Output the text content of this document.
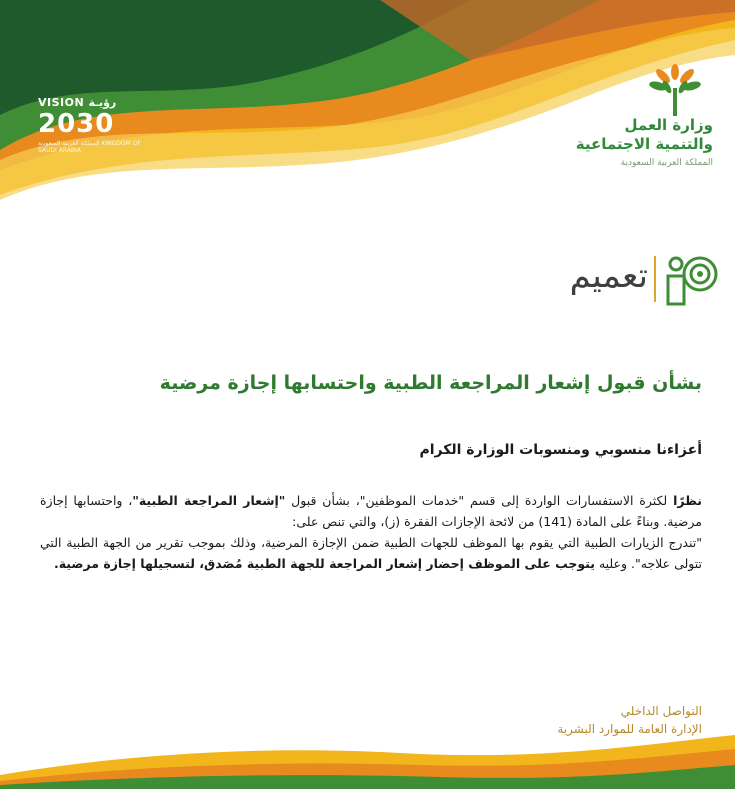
VISION رؤيـة
2030
المملكة العربية السعودية KINGDOM OF SAUDI ARABIA
وزارة العمل
والتنمية الاجتماعية
المملكة العربية السعودية
تعميم
بشأن قبول إشعار المراجعة الطبية واحتسابها إجازة مرضية
أعزاءنا منسوبي ومنسوبات الوزارة الكرام

نظرًا لكثرة الاستفسارات الواردة إلى قسم "خدمات الموظفين"، بشأن قبول "إشعار المراجعة الطبية"، واحتسابها إجازة مرضية. وبناءً على المادة (141) من لائحة الإجازات الفقرة (ز)، والتي تنص على:

"تندرج الزيارات الطبية التي يقوم بها الموظف للجهات الطبية ضمن الإجازة المرضية، وذلك بموجب تقرير من الجهة الطبية التي تتولى علاجه". وعليه يتوجب على الموظف إحضار إشعار المراجعة للجهة الطبية مُصَدق، لتسجيلها إجازة مرضية.

التواصل الداخلي
الإدارة العامة للموارد البشرية
